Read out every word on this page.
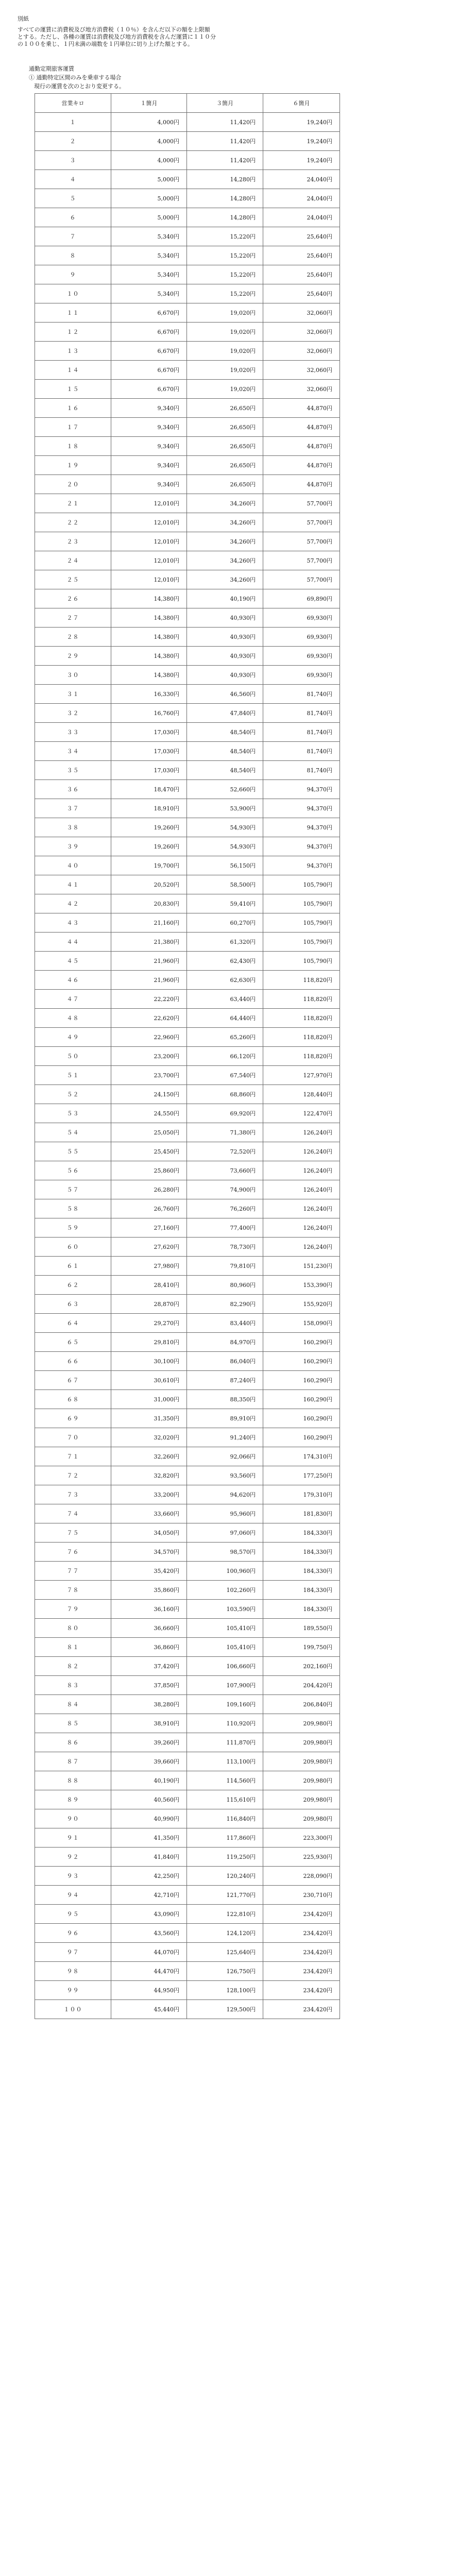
別紙
すべての運賃に消費税及び地方消費税（１０％）を含んだ以下の額を上限額
とする。ただし、各種の運賃は消費税及び地方消費税を含んだ運賃に１１０分
の１００を乗じ、１円未満の端数を１円単位に切り上げた額とする。
通勤定期旅客運賃
① 通勤特定区間のみを乗車する場合
現行の運賃を次のとおり変更する。
営業キロ	１箇月	３箇月	６箇月
１	4,000円	11,420円	19,240円
２	4,000円	11,420円	19,240円
３	4,000円	11,420円	19,240円
４	5,000円	14,280円	24,040円
５	5,000円	14,280円	24,040円
６	5,000円	14,280円	24,040円
７	5,340円	15,220円	25,640円
８	5,340円	15,220円	25,640円
９	5,340円	15,220円	25,640円
１０	5,340円	15,220円	25,640円
１１	6,670円	19,020円	32,060円
１２	6,670円	19,020円	32,060円
１３	6,670円	19,020円	32,060円
１４	6,670円	19,020円	32,060円
１５	6,670円	19,020円	32,060円
１６	9,340円	26,650円	44,870円
１７	9,340円	26,650円	44,870円
１８	9,340円	26,650円	44,870円
１９	9,340円	26,650円	44,870円
２０	9,340円	26,650円	44,870円
２１	12,010円	34,260円	57,700円
２２	12,010円	34,260円	57,700円
２３	12,010円	34,260円	57,700円
２４	12,010円	34,260円	57,700円
２５	12,010円	34,260円	57,700円
２６	14,380円	40,190円	69,890円
２７	14,380円	40,930円	69,930円
２８	14,380円	40,930円	69,930円
２９	14,380円	40,930円	69,930円
３０	14,380円	40,930円	69,930円
３１	16,330円	46,560円	81,740円
３２	16,760円	47,840円	81,740円
３３	17,030円	48,540円	81,740円
３４	17,030円	48,540円	81,740円
３５	17,030円	48,540円	81,740円
３６	18,470円	52,660円	94,370円
３７	18,910円	53,900円	94,370円
３８	19,260円	54,930円	94,370円
３９	19,260円	54,930円	94,370円
４０	19,700円	56,150円	94,370円
４１	20,520円	58,500円	105,790円
４２	20,830円	59,410円	105,790円
４３	21,160円	60,270円	105,790円
４４	21,380円	61,320円	105,790円
４５	21,960円	62,430円	105,790円
４６	21,960円	62,630円	118,820円
４７	22,220円	63,440円	118,820円
４８	22,620円	64,440円	118,820円
４９	22,960円	65,260円	118,820円
５０	23,200円	66,120円	118,820円
５１	23,700円	67,540円	127,970円
５２	24,150円	68,860円	128,440円
５３	24,550円	69,920円	122,470円
５４	25,050円	71,380円	126,240円
５５	25,450円	72,520円	126,240円
５６	25,860円	73,660円	126,240円
５７	26,280円	74,900円	126,240円
５８	26,760円	76,260円	126,240円
５９	27,160円	77,400円	126,240円
６０	27,620円	78,730円	126,240円
６１	27,980円	79,810円	151,230円
６２	28,410円	80,960円	153,390円
６３	28,870円	82,290円	155,920円
６４	29,270円	83,440円	158,090円
６５	29,810円	84,970円	160,290円
６６	30,100円	86,040円	160,290円
６７	30,610円	87,240円	160,290円
６８	31,000円	88,350円	160,290円
６９	31,350円	89,910円	160,290円
７０	32,020円	91,240円	160,290円
７１	32,260円	92,066円	174,310円
７２	32,820円	93,560円	177,250円
７３	33,200円	94,620円	179,310円
７４	33,660円	95,960円	181,830円
７５	34,050円	97,060円	184,330円
７６	34,570円	98,570円	184,330円
７７	35,420円	100,960円	184,330円
７８	35,860円	102,260円	184,330円
７９	36,160円	103,590円	184,330円
８０	36,660円	105,410円	189,550円
８１	36,860円	105,410円	199,750円
８２	37,420円	106,660円	202,160円
８３	37,850円	107,900円	204,420円
８４	38,280円	109,160円	206,840円
８５	38,910円	110,920円	209,980円
８６	39,260円	111,870円	209,980円
８７	39,660円	113,100円	209,980円
８８	40,190円	114,560円	209,980円
８９	40,560円	115,610円	209,980円
９０	40,990円	116,840円	209,980円
９１	41,350円	117,860円	223,300円
９２	41,840円	119,250円	225,930円
９３	42,250円	120,240円	228,090円
９４	42,710円	121,770円	230,710円
９５	43,090円	122,810円	234,420円
９６	43,560円	124,120円	234,420円
９７	44,070円	125,640円	234,420円
９８	44,470円	126,750円	234,420円
９９	44,950円	128,100円	234,420円
１００	45,440円	129,500円	234,420円
